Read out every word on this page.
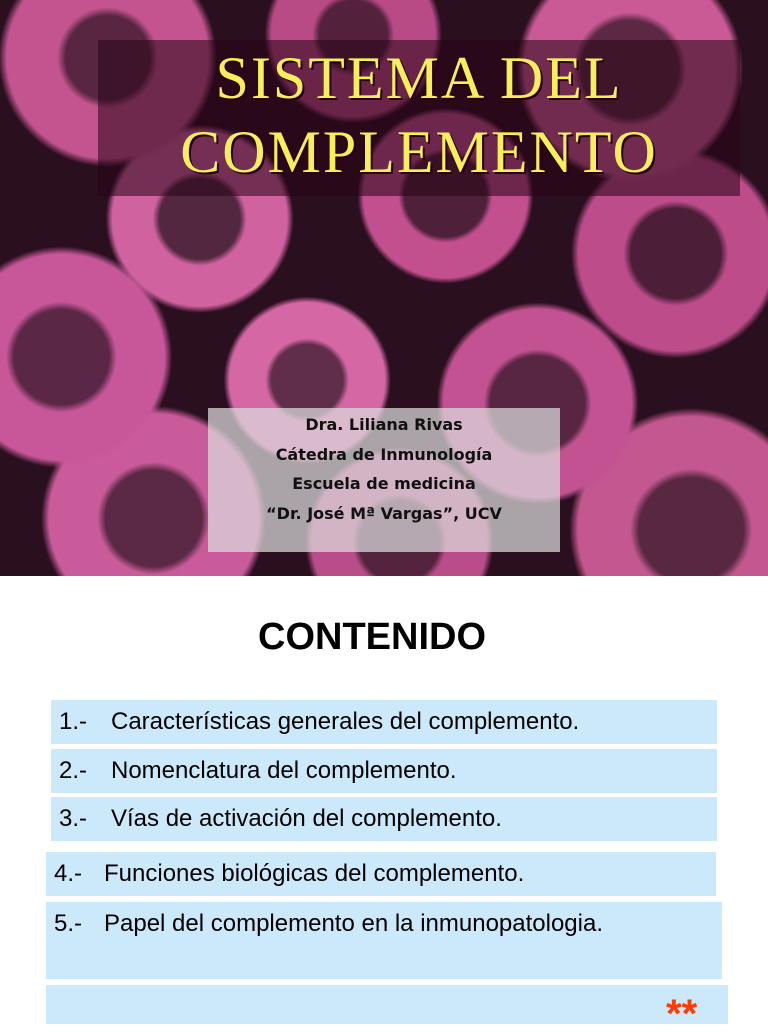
SISTEMA DEL
COMPLEMENTO
Dra. Liliana Rivas
Cátedra de Inmunología
Escuela de medicina
“Dr. José Mª Vargas”, UCV
CONTENIDO
1.- Características generales del complemento.
2.- Nomenclatura del complemento.
3.- Vías de activación del complemento.
4.- Funciones biológicas del complemento.
5.- Papel del complemento en la inmunopatologia.
**
